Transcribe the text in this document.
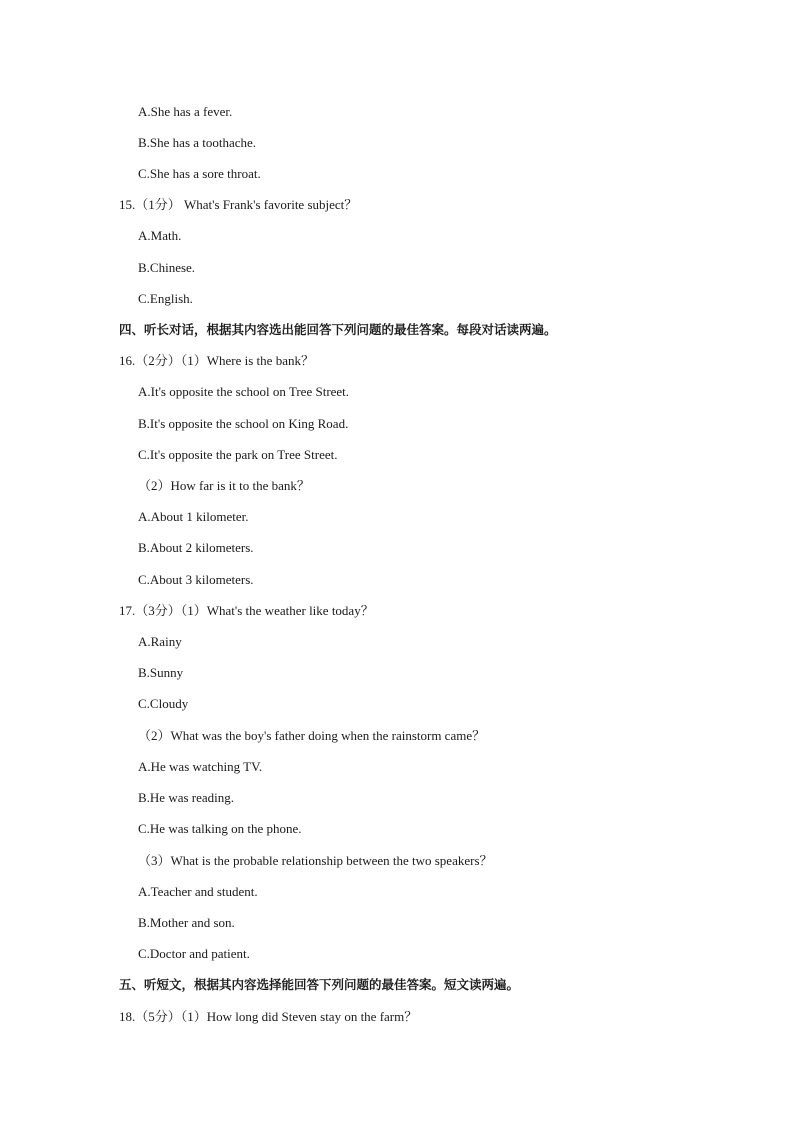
A.She has a fever.
B.She has a toothache.
C.She has a sore throat.
15.（1分） What's Frank's favorite subject？
A.Math.
B.Chinese.
C.English.
四、听长对话，根据其内容选出能回答下列问题的最佳答案。每段对话读两遍。
16.（2分）（1）Where is the bank？
A.It's opposite the school on Tree Street.
B.It's opposite the school on King Road.
C.It's opposite the park on Tree Street.
（2）How far is it to the bank？
A.About 1 kilometer.
B.About 2 kilometers.
C.About 3 kilometers.
17.（3分）（1）What's the weather like today？
A.Rainy
B.Sunny
C.Cloudy
（2）What was the boy's father doing when the rainstorm came？
A.He was watching TV.
B.He was reading.
C.He was talking on the phone.
（3）What is the probable relationship between the two speakers？
A.Teacher and student.
B.Mother and son.
C.Doctor and patient.
五、听短文，根据其内容选择能回答下列问题的最佳答案。短文读两遍。
18.（5分）（1）How long did Steven stay on the farm？
